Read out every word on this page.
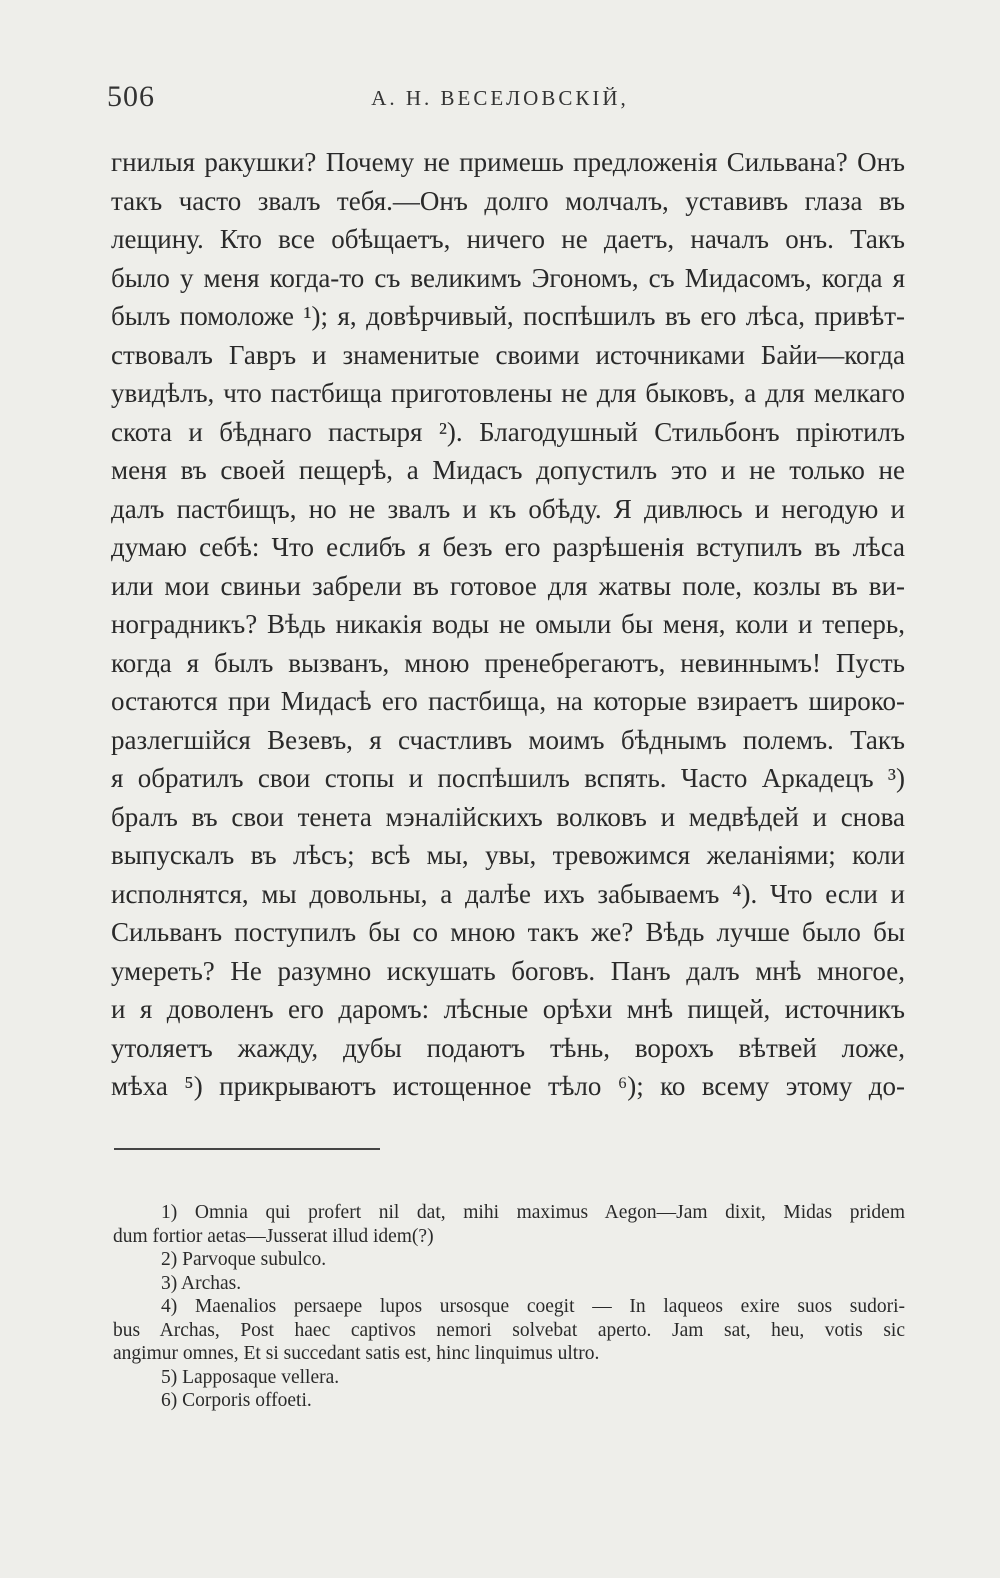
506	А. Н. ВЕСЕЛОВСКІЙ,
гнилыя ракушки? Почему не примешь предложенія Сильвана? Онъ
такъ часто звалъ тебя.—Онъ долго молчалъ, уставивъ глаза въ
лещину. Кто все обѣщаетъ, ничего не даетъ, началъ онъ. Такъ
было у меня когда-то съ великимъ Эгономъ, съ Мидасомъ, когда я
былъ помоложе ¹); я, довѣрчивый, поспѣшилъ въ его лѣса, привѣт-
ствовалъ Гавръ и знаменитые своими источниками Байи—когда
увидѣлъ, что пастбища приготовлены не для быковъ, а для мелкаго
скота и бѣднаго пастыря ²). Благодушный Стильбонъ пріютилъ
меня въ своей пещерѣ, а Мидасъ допустилъ это и не только не
далъ пастбищъ, но не звалъ и къ обѣду. Я дивлюсь и негодую и
думаю себѣ: Что еслибъ я безъ его разрѣшенія вступилъ въ лѣса
или мои свиньи забрели въ готовое для жатвы поле, козлы въ ви-
ноградникъ? Вѣдь никакія воды не омыли бы меня, коли и теперь,
когда я былъ вызванъ, мною пренебрегаютъ, невиннымъ! Пусть
остаются при Мидасѣ его пастбища, на которые взираетъ широко-
разлегшійся Везевъ, я счастливъ моимъ бѣднымъ полемъ. Такъ
я обратилъ свои стопы и поспѣшилъ вспять. Часто Аркадецъ ³)
бралъ въ свои тенета мэналійскихъ волковъ и медвѣдей и снова
выпускалъ въ лѣсъ; всѣ мы, увы, тревожимся желаніями; коли
исполнятся, мы довольны, а далѣе ихъ забываемъ ⁴). Что если и
Сильванъ поступилъ бы со мною такъ же? Вѣдь лучше было бы
умереть? Не разумно искушать боговъ. Панъ далъ мнѣ многое,
и я доволенъ его даромъ: лѣсные орѣхи мнѣ пищей, источникъ
утоляетъ жажду, дубы подаютъ тѣнь, ворохъ вѣтвей ложе,
мѣха ⁵) прикрываютъ истощенное тѣло ⁶); ко всему этому до-
1) Omnia qui profert nil dat, mihi maximus Aegon—Jam dixit, Midas pridem
dum fortior aetas—Jusserat illud idem(?)
2) Parvoque subulco.
3) Archas.
4) Maenalios persaepe lupos ursosque coegit — In laqueos exire suos sudori-
bus Archas, Post haec captivos nemori solvebat aperto. Jam sat, heu, votis sic
angimur omnes, Et si succedant satis est, hinc linquimus ultro.
5) Lapposaque vellera.
6) Corporis offoeti.
